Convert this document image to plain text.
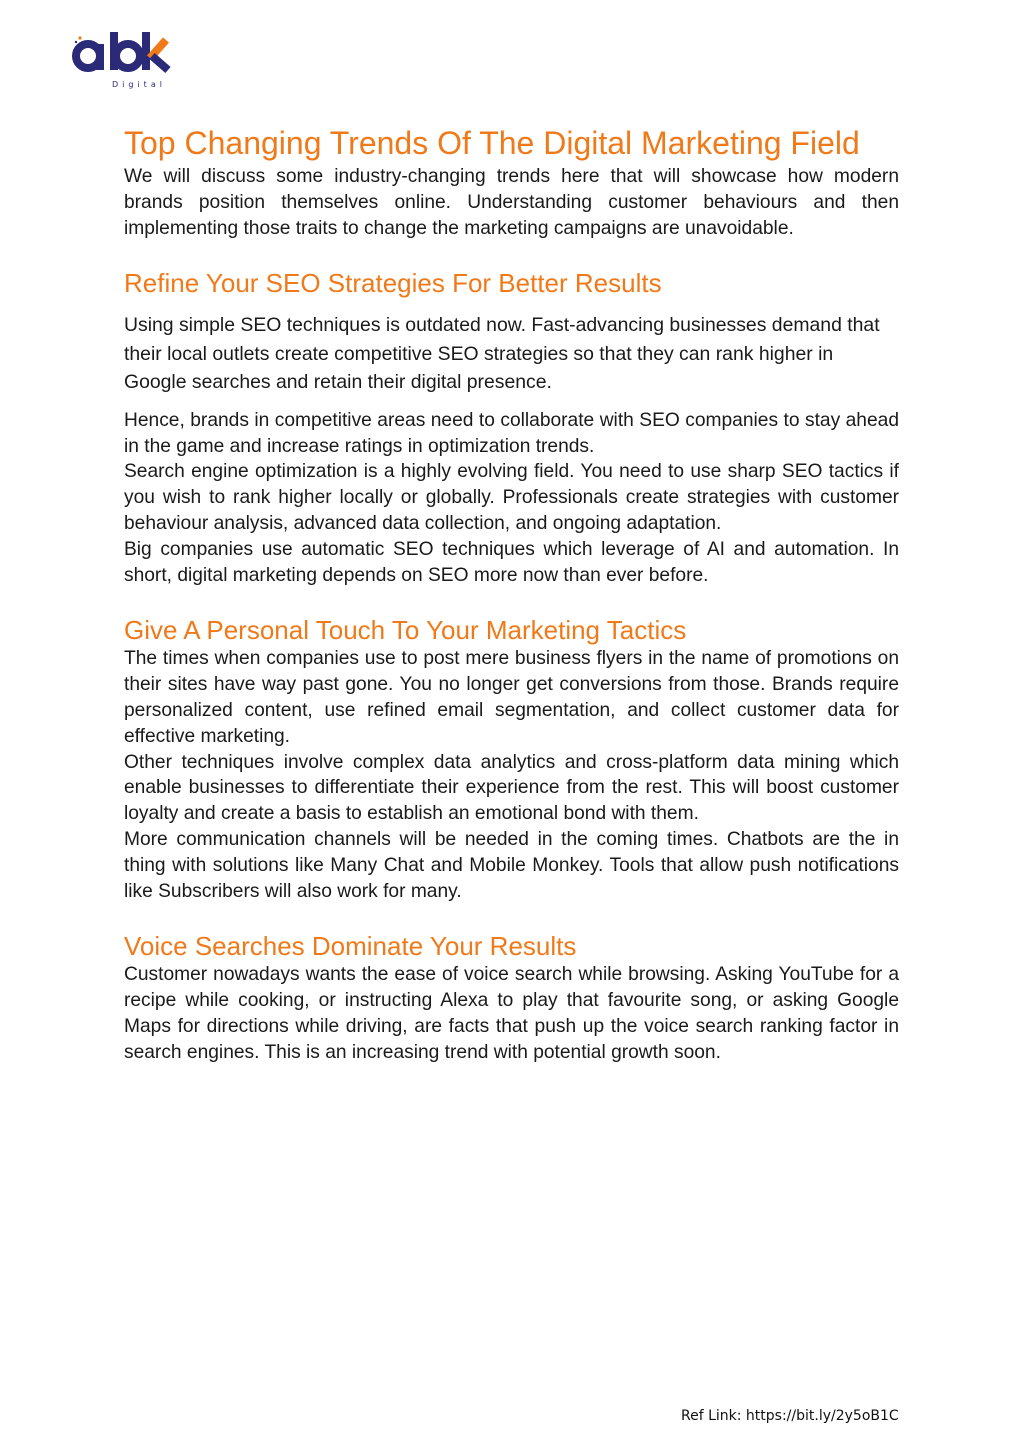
Digital
Top Changing Trends Of The Digital Marketing Field

We will discuss some industry-changing trends here that will showcase how modern brands position themselves online. Understanding customer behaviours and then implementing those traits to change the marketing campaigns are unavoidable.

Refine Your SEO Strategies For Better Results

Using simple SEO techniques is outdated now. Fast-advancing businesses demand that their local outlets create competitive SEO strategies so that they can rank higher in Google searches and retain their digital presence.

Hence, brands in competitive areas need to collaborate with SEO companies to stay ahead in the game and increase ratings in optimization trends.

Search engine optimization is a highly evolving field. You need to use sharp SEO tactics if you wish to rank higher locally or globally. Professionals create strategies with customer behaviour analysis, advanced data collection, and ongoing adaptation.

Big companies use automatic SEO techniques which leverage of AI and automation. In short, digital marketing depends on SEO more now than ever before.

Give A Personal Touch To Your Marketing Tactics

The times when companies use to post mere business flyers in the name of promotions on their sites have way past gone. You no longer get conversions from those. Brands require personalized content, use refined email segmentation, and collect customer data for effective marketing.

Other techniques involve complex data analytics and cross-platform data mining which enable businesses to differentiate their experience from the rest. This will boost customer loyalty and create a basis to establish an emotional bond with them.

More communication channels will be needed in the coming times. Chatbots are the in thing with solutions like Many Chat and Mobile Monkey. Tools that allow push notifications like Subscribers will also work for many.

Voice Searches Dominate Your Results

Customer nowadays wants the ease of voice search while browsing. Asking YouTube for a recipe while cooking, or instructing Alexa to play that favourite song, or asking Google Maps for directions while driving, are facts that push up the voice search ranking factor in search engines. This is an increasing trend with potential growth soon.

Ref Link: https://bit.ly/2y5oB1C
